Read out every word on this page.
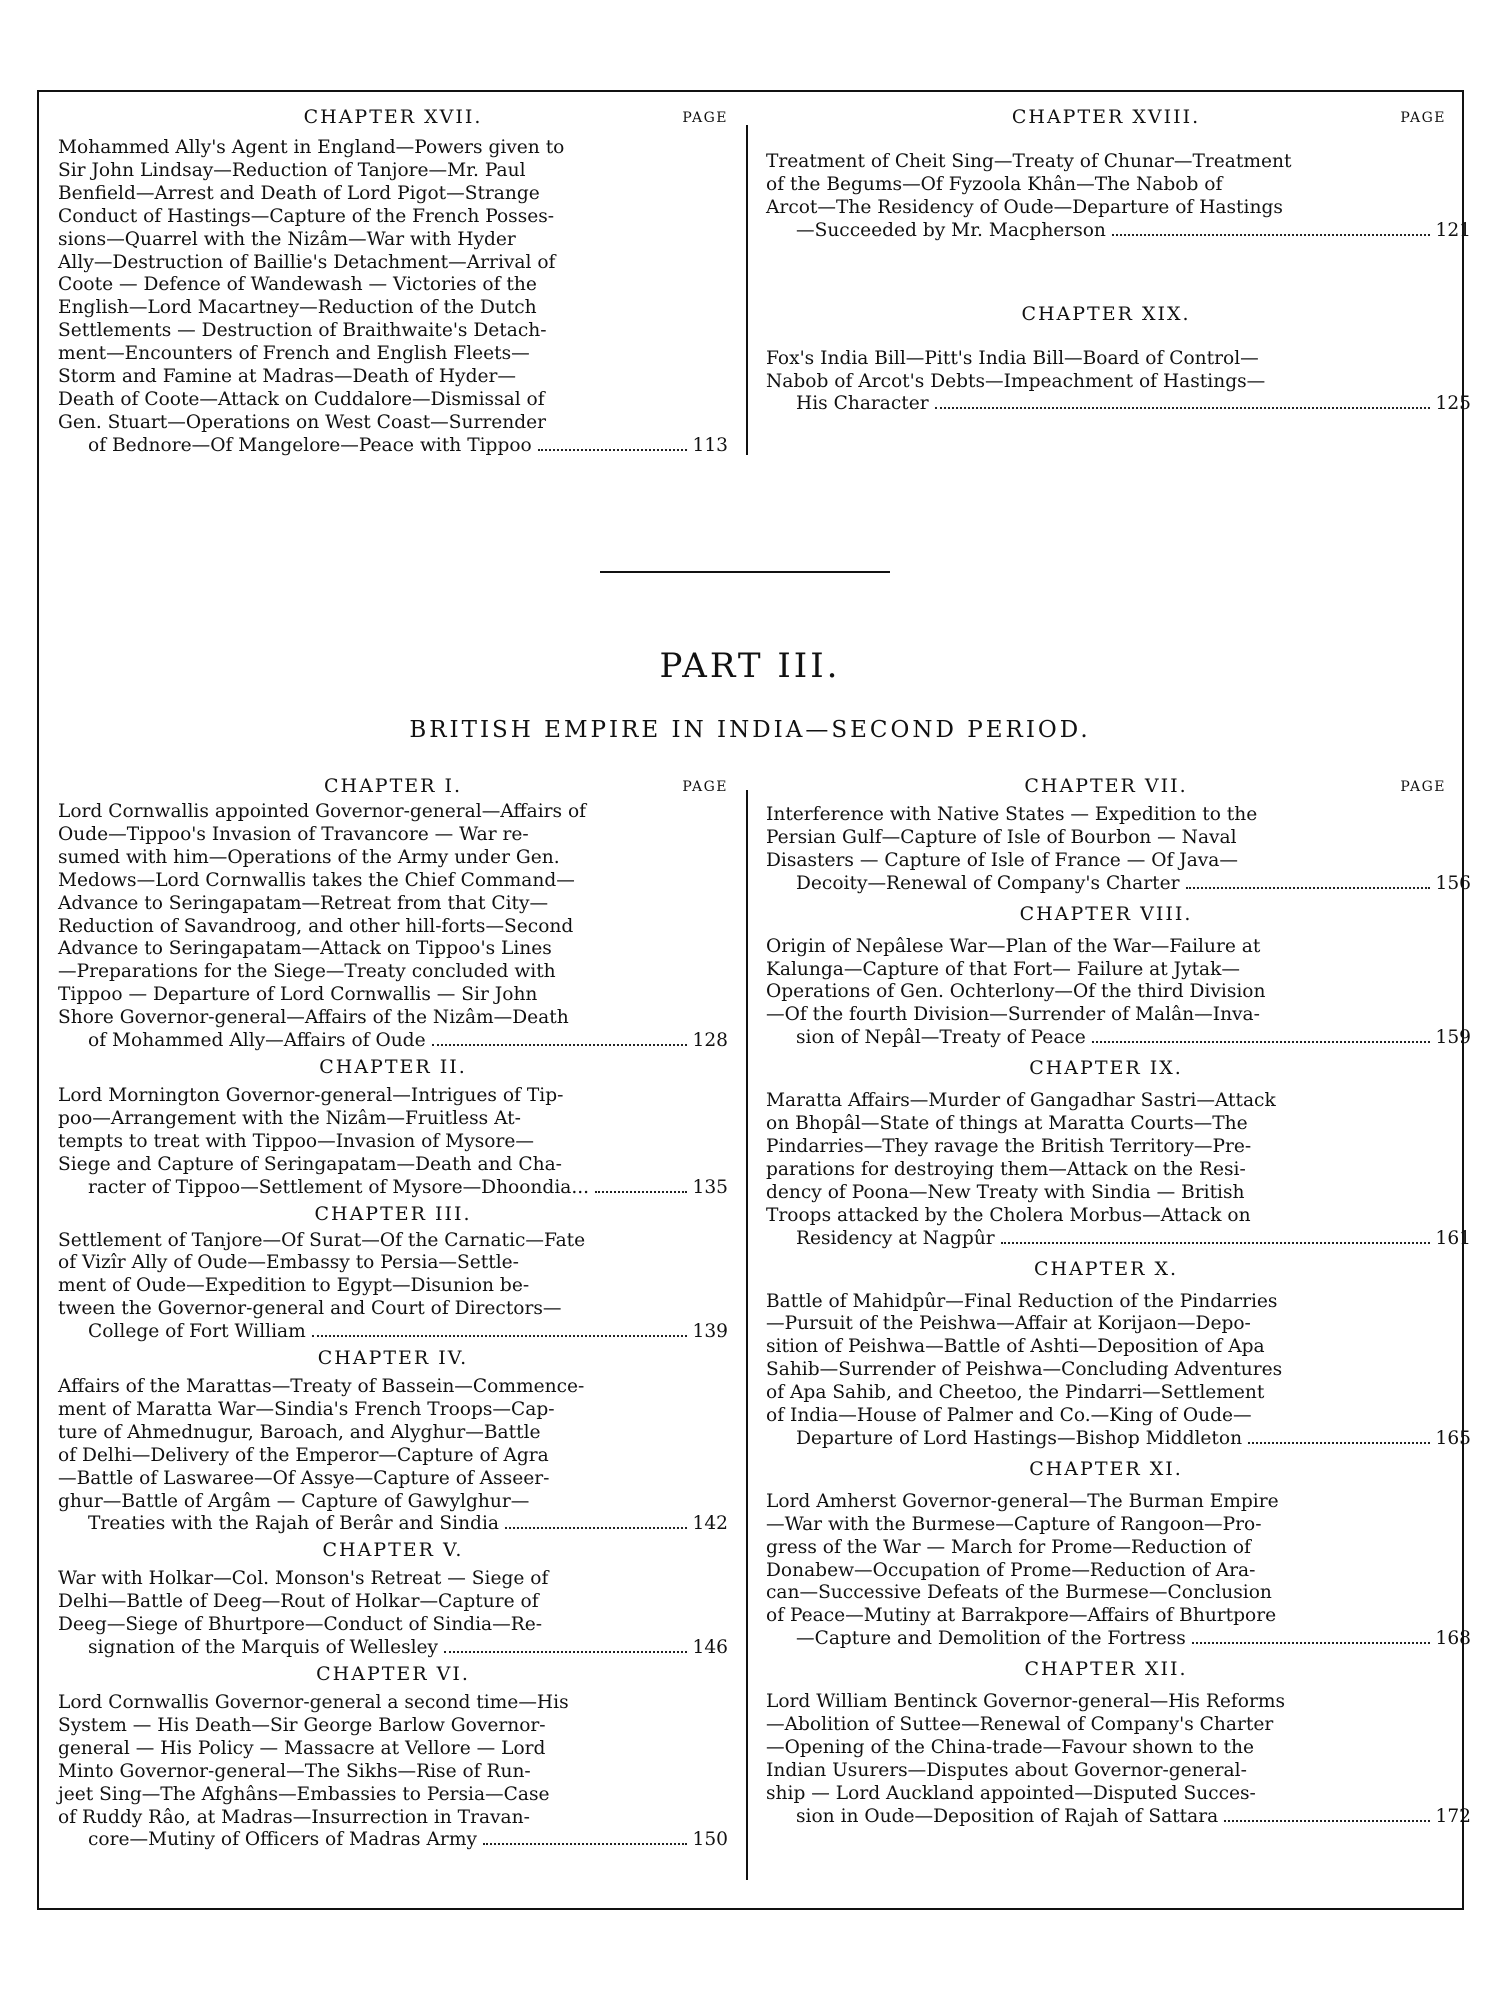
CHAPTER XVII.	PAGE
Mohammed Ally's Agent in England—Powers given to
Sir John Lindsay—Reduction of Tanjore—Mr. Paul
Benfield—Arrest and Death of Lord Pigot—Strange
Conduct of Hastings—Capture of the French Posses-
sions—Quarrel with the Nizâm—War with Hyder
Ally—Destruction of Baillie's Detachment—Arrival of
Coote — Defence of Wandewash — Victories of the
English—Lord Macartney—Reduction of the Dutch
Settlements — Destruction of Braithwaite's Detach-
ment—Encounters of French and English Fleets—
Storm and Famine at Madras—Death of Hyder—
Death of Coote—Attack on Cuddalore—Dismissal of
Gen. Stuart—Operations on West Coast—Surrender
of Bednore—Of Mangelore—Peace with Tippoo	113
CHAPTER XVIII.	PAGE
Treatment of Cheit Sing—Treaty of Chunar—Treatment
of the Begums—Of Fyzoola Khân—The Nabob of
Arcot—The Residency of Oude—Departure of Hastings
—Succeeded by Mr. Macpherson	121
CHAPTER XIX.
Fox's India Bill—Pitt's India Bill—Board of Control—
Nabob of Arcot's Debts—Impeachment of Hastings—
His Character	125
PART III.
BRITISH EMPIRE IN INDIA—SECOND PERIOD.
CHAPTER I.	PAGE
Lord Cornwallis appointed Governor-general—Affairs of
Oude—Tippoo's Invasion of Travancore — War re-
sumed with him—Operations of the Army under Gen.
Medows—Lord Cornwallis takes the Chief Command—
Advance to Seringapatam—Retreat from that City—
Reduction of Savandroog, and other hill-forts—Second
Advance to Seringapatam—Attack on Tippoo's Lines
—Preparations for the Siege—Treaty concluded with
Tippoo — Departure of Lord Cornwallis — Sir John
Shore Governor-general—Affairs of the Nizâm—Death
of Mohammed Ally—Affairs of Oude	128
CHAPTER II.
Lord Mornington Governor-general—Intrigues of Tip-
poo—Arrangement with the Nizâm—Fruitless At-
tempts to treat with Tippoo—Invasion of Mysore—
Siege and Capture of Seringapatam—Death and Cha-
racter of Tippoo—Settlement of Mysore—Dhoondia...	135
CHAPTER III.
Settlement of Tanjore—Of Surat—Of the Carnatic—Fate
of Vizîr Ally of Oude—Embassy to Persia—Settle-
ment of Oude—Expedition to Egypt—Disunion be-
tween the Governor-general and Court of Directors—
College of Fort William	139
CHAPTER IV.
Affairs of the Marattas—Treaty of Bassein—Commence-
ment of Maratta War—Sindia's French Troops—Cap-
ture of Ahmednugur, Baroach, and Alyghur—Battle
of Delhi—Delivery of the Emperor—Capture of Agra
—Battle of Laswaree—Of Assye—Capture of Asseer-
ghur—Battle of Argâm — Capture of Gawylghur—
Treaties with the Rajah of Berâr and Sindia	142
CHAPTER V.
War with Holkar—Col. Monson's Retreat — Siege of
Delhi—Battle of Deeg—Rout of Holkar—Capture of
Deeg—Siege of Bhurtpore—Conduct of Sindia—Re-
signation of the Marquis of Wellesley	146
CHAPTER VI.
Lord Cornwallis Governor-general a second time—His
System — His Death—Sir George Barlow Governor-
general — His Policy — Massacre at Vellore — Lord
Minto Governor-general—The Sikhs—Rise of Run-
jeet Sing—The Afghâns—Embassies to Persia—Case
of Ruddy Râo, at Madras—Insurrection in Travan-
core—Mutiny of Officers of Madras Army	150
CHAPTER VII.	PAGE
Interference with Native States — Expedition to the
Persian Gulf—Capture of Isle of Bourbon — Naval
Disasters — Capture of Isle of France — Of Java—
Decoity—Renewal of Company's Charter	156
CHAPTER VIII.
Origin of Nepâlese War—Plan of the War—Failure at
Kalunga—Capture of that Fort— Failure at Jytak—
Operations of Gen. Ochterlony—Of the third Division
—Of the fourth Division—Surrender of Malân—Inva-
sion of Nepâl—Treaty of Peace	159
CHAPTER IX.
Maratta Affairs—Murder of Gangadhar Sastri—Attack
on Bhopâl—State of things at Maratta Courts—The
Pindarries—They ravage the British Territory—Pre-
parations for destroying them—Attack on the Resi-
dency of Poona—New Treaty with Sindia — British
Troops attacked by the Cholera Morbus—Attack on
Residency at Nagpûr	161
CHAPTER X.
Battle of Mahidpûr—Final Reduction of the Pindarries
—Pursuit of the Peishwa—Affair at Korijaon—Depo-
sition of Peishwa—Battle of Ashti—Deposition of Apa
Sahib—Surrender of Peishwa—Concluding Adventures
of Apa Sahib, and Cheetoo, the Pindarri—Settlement
of India—House of Palmer and Co.—King of Oude—
Departure of Lord Hastings—Bishop Middleton	165
CHAPTER XI.
Lord Amherst Governor-general—The Burman Empire
—War with the Burmese—Capture of Rangoon—Pro-
gress of the War — March for Prome—Reduction of
Donabew—Occupation of Prome—Reduction of Ara-
can—Successive Defeats of the Burmese—Conclusion
of Peace—Mutiny at Barrakpore—Affairs of Bhurtpore
—Capture and Demolition of the Fortress	168
CHAPTER XII.
Lord William Bentinck Governor-general—His Reforms
—Abolition of Suttee—Renewal of Company's Charter
—Opening of the China-trade—Favour shown to the
Indian Usurers—Disputes about Governor-general-
ship — Lord Auckland appointed—Disputed Succes-
sion in Oude—Deposition of Rajah of Sattara	172
